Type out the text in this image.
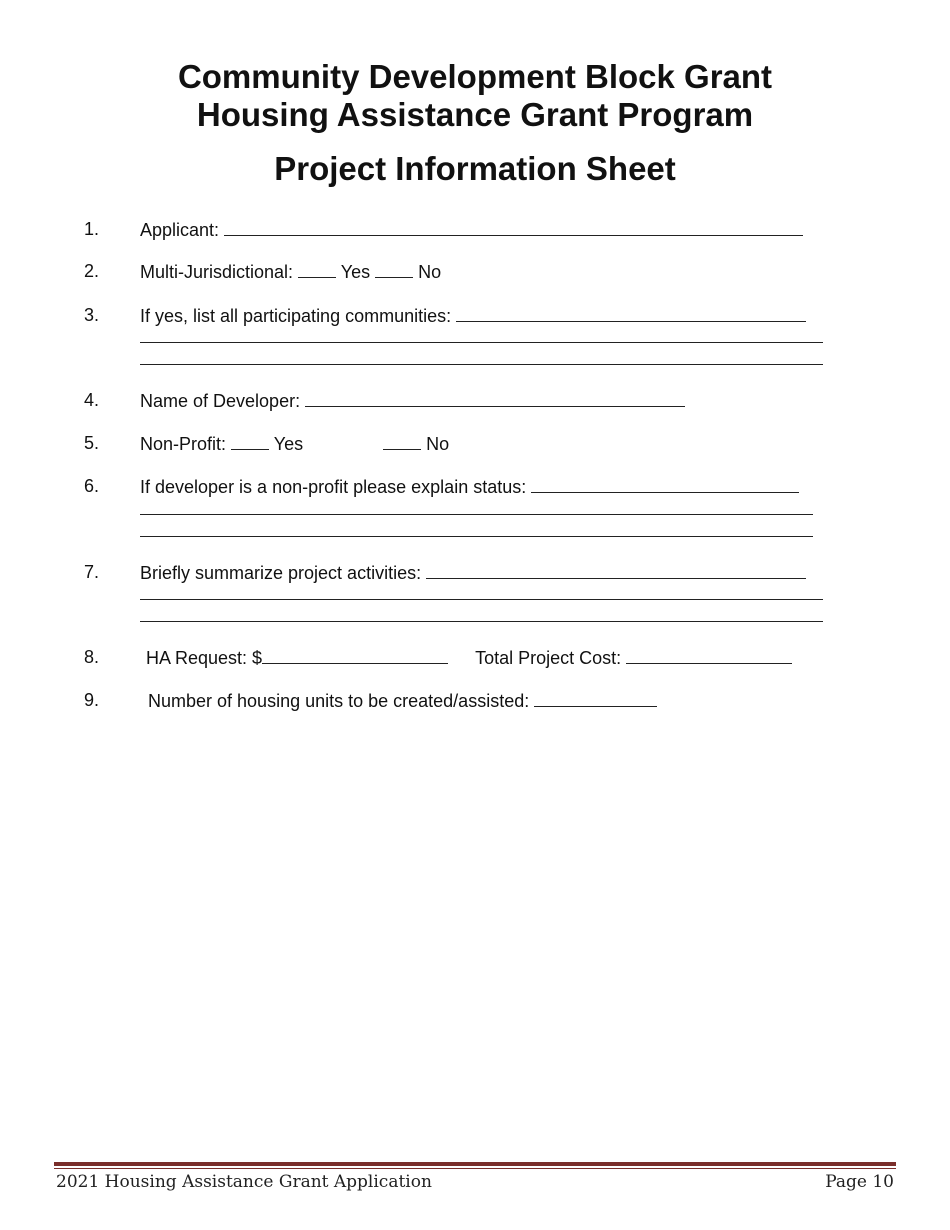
Community Development Block Grant
Housing Assistance Grant Program
Project Information Sheet
1. Applicant:
2. Multi-Jurisdictional:	Yes	No
3. If yes, list all participating communities:
4. Name of Developer:
5. Non-Profit:	Yes	No
6. If developer is a non-profit please explain status:
7. Briefly summarize project activities:
8.	HA Request: $	Total Project Cost:
9.	Number of housing units to be created/assisted:
2021 Housing Assistance Grant Application	Page 10
